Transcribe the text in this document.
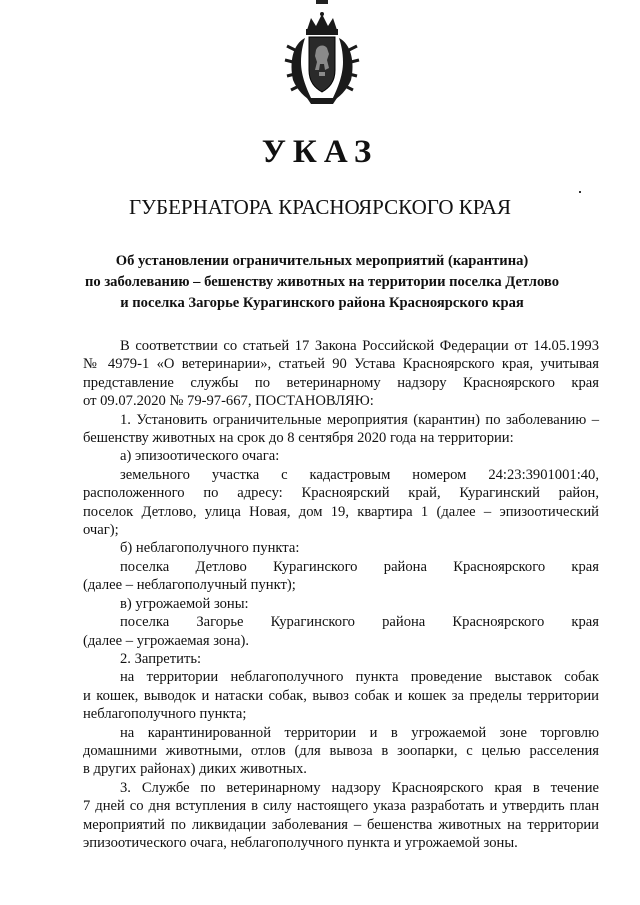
УКАЗ
ГУБЕРНАТОРА КРАСНОЯРСКОГО КРАЯ
Об установлении ограничительных мероприятий (карантина)
по заболеванию – бешенству животных на территории поселка Детлово
и поселка Загорье Курагинского района Красноярского края
В соответствии со статьей 17 Закона Российской Федерации от 14.05.1993
№ 4979-1 «О ветеринарии», статьей 90 Устава Красноярского края, учитывая
представление службы по ветеринарному надзору Красноярского края
от 09.07.2020 № 79-97-667, ПОСТАНОВЛЯЮ:
1. Установить ограничительные мероприятия (карантин) по заболеванию –
бешенству животных на срок до 8 сентября 2020 года на территории:
а) эпизоотического очага:
земельного участка с кадастровым номером 24:23:3901001:40,
расположенного по адресу: Красноярский край, Курагинский район,
поселок Детлово, улица Новая, дом 19, квартира 1 (далее – эпизоотический
очаг);
б) неблагополучного пункта:
поселка Детлово Курагинского района Красноярского края
(далее – неблагополучный пункт);
в) угрожаемой зоны:
поселка Загорье Курагинского района Красноярского края
(далее – угрожаемая зона).
2. Запретить:
на территории неблагополучного пункта проведение выставок собак
и кошек, выводок и натаски собак, вывоз собак и кошек за пределы территории
неблагополучного пункта;
на карантинированной территории и в угрожаемой зоне торговлю
домашними животными, отлов (для вывоза в зоопарки, с целью расселения
в других районах) диких животных.
3. Службе по ветеринарному надзору Красноярского края в течение
7 дней со дня вступления в силу настоящего указа разработать и утвердить план
мероприятий по ликвидации заболевания – бешенства животных на территории
эпизоотического очага, неблагополучного пункта и угрожаемой зоны.
